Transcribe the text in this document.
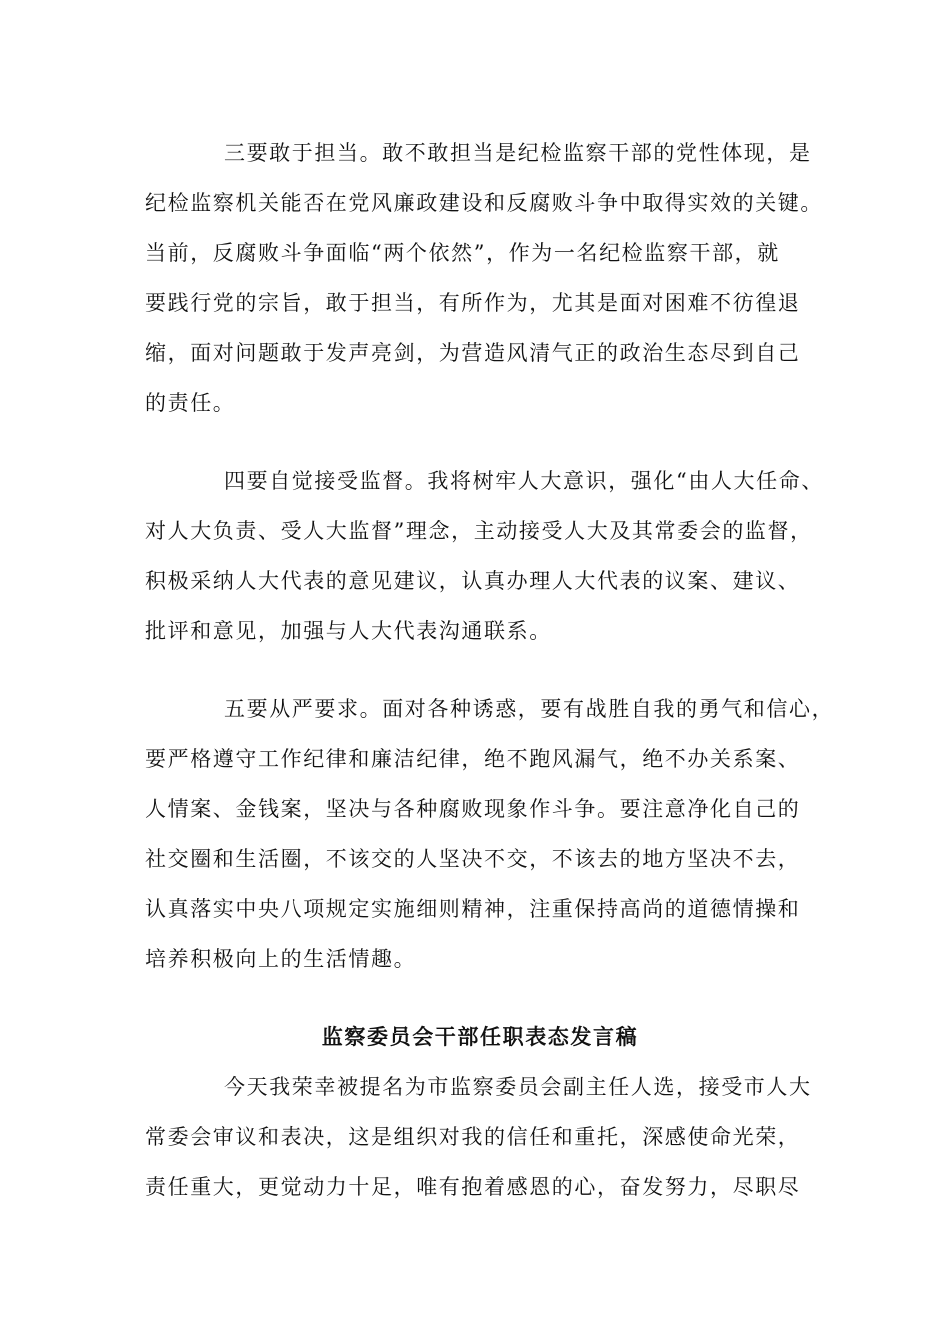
三要敢于担当。敢不敢担当是纪检监察干部的党性体现，是
纪检监察机关能否在党风廉政建设和反腐败斗争中取得实效的关键。
当前，反腐败斗争面临“两个依然”，作为一名纪检监察干部，就
要践行党的宗旨，敢于担当，有所作为，尤其是面对困难不彷徨退
缩，面对问题敢于发声亮剑，为营造风清气正的政治生态尽到自己
的责任。
四要自觉接受监督。我将树牢人大意识，强化“由人大任命、
对人大负责、受人大监督”理念，主动接受人大及其常委会的监督，
积极采纳人大代表的意见建议，认真办理人大代表的议案、建议、
批评和意见，加强与人大代表沟通联系。
五要从严要求。面对各种诱惑，要有战胜自我的勇气和信心，
要严格遵守工作纪律和廉洁纪律，绝不跑风漏气，绝不办关系案、
人情案、金钱案，坚决与各种腐败现象作斗争。要注意净化自己的
社交圈和生活圈，不该交的人坚决不交，不该去的地方坚决不去，
认真落实中央八项规定实施细则精神，注重保持高尚的道德情操和
培养积极向上的生活情趣。
监察委员会干部任职表态发言稿
今天我荣幸被提名为市监察委员会副主任人选，接受市人大
常委会审议和表决，这是组织对我的信任和重托，深感使命光荣，
责任重大，更觉动力十足，唯有抱着感恩的心，奋发努力，尽职尽
